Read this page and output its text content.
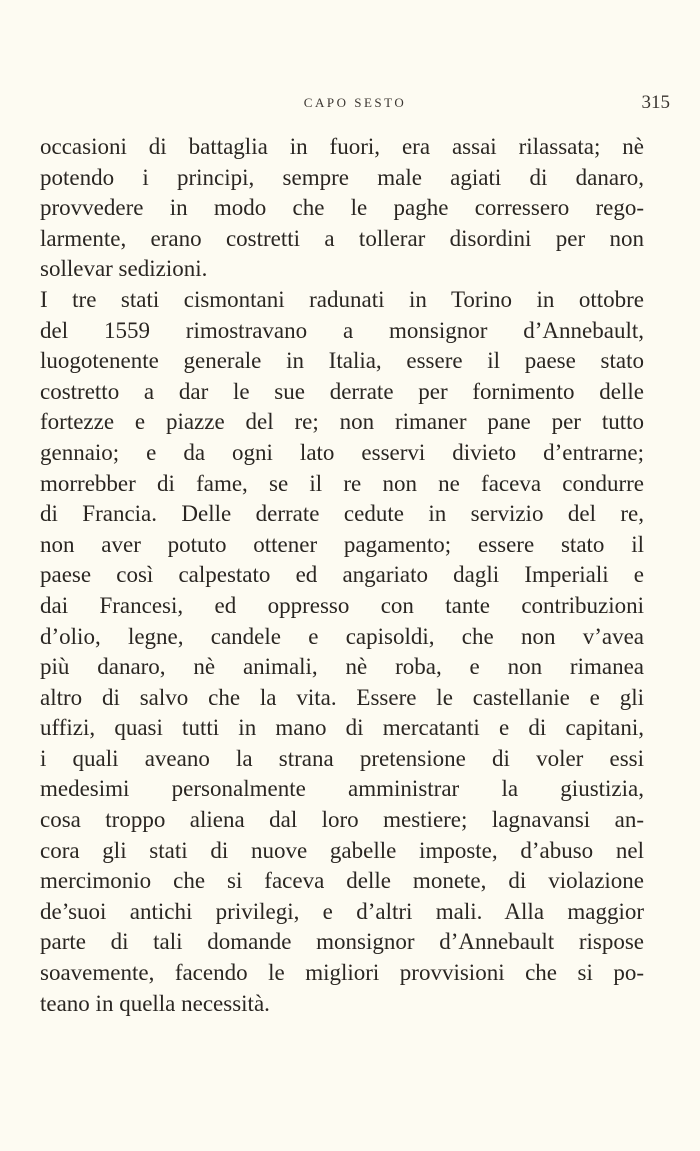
CAPO SESTO	315
occasioni di battaglia in fuori, era assai rilassata; nè
potendo i principi, sempre male agiati di danaro,
provvedere in modo che le paghe corressero rego-
larmente, erano costretti a tollerar disordini per non
sollevar sedizioni.
I tre stati cismontani radunati in Torino in ottobre
del 1559 rimostravano a monsignor d’Annebault,
luogotenente generale in Italia, essere il paese stato
costretto a dar le sue derrate per fornimento delle
fortezze e piazze del re; non rimaner pane per tutto
gennaio; e da ogni lato esservi divieto d’entrarne;
morrebber di fame, se il re non ne faceva condurre
di Francia. Delle derrate cedute in servizio del re,
non aver potuto ottener pagamento; essere stato il
paese così calpestato ed angariato dagli Imperiali e
dai Francesi, ed oppresso con tante contribuzioni
d’olio, legne, candele e capisoldi, che non v’avea
più danaro, nè animali, nè roba, e non rimanea
altro di salvo che la vita. Essere le castellanie e gli
uffizi, quasi tutti in mano di mercatanti e di capitani,
i quali aveano la strana pretensione di voler essi
medesimi personalmente amministrar la giustizia,
cosa troppo aliena dal loro mestiere; lagnavansi an-
cora gli stati di nuove gabelle imposte, d’abuso nel
mercimonio che si faceva delle monete, di violazione
de’suoi antichi privilegi, e d’altri mali. Alla maggior
parte di tali domande monsignor d’Annebault rispose
soavemente, facendo le migliori provvisioni che si po-
teano in quella necessità.
